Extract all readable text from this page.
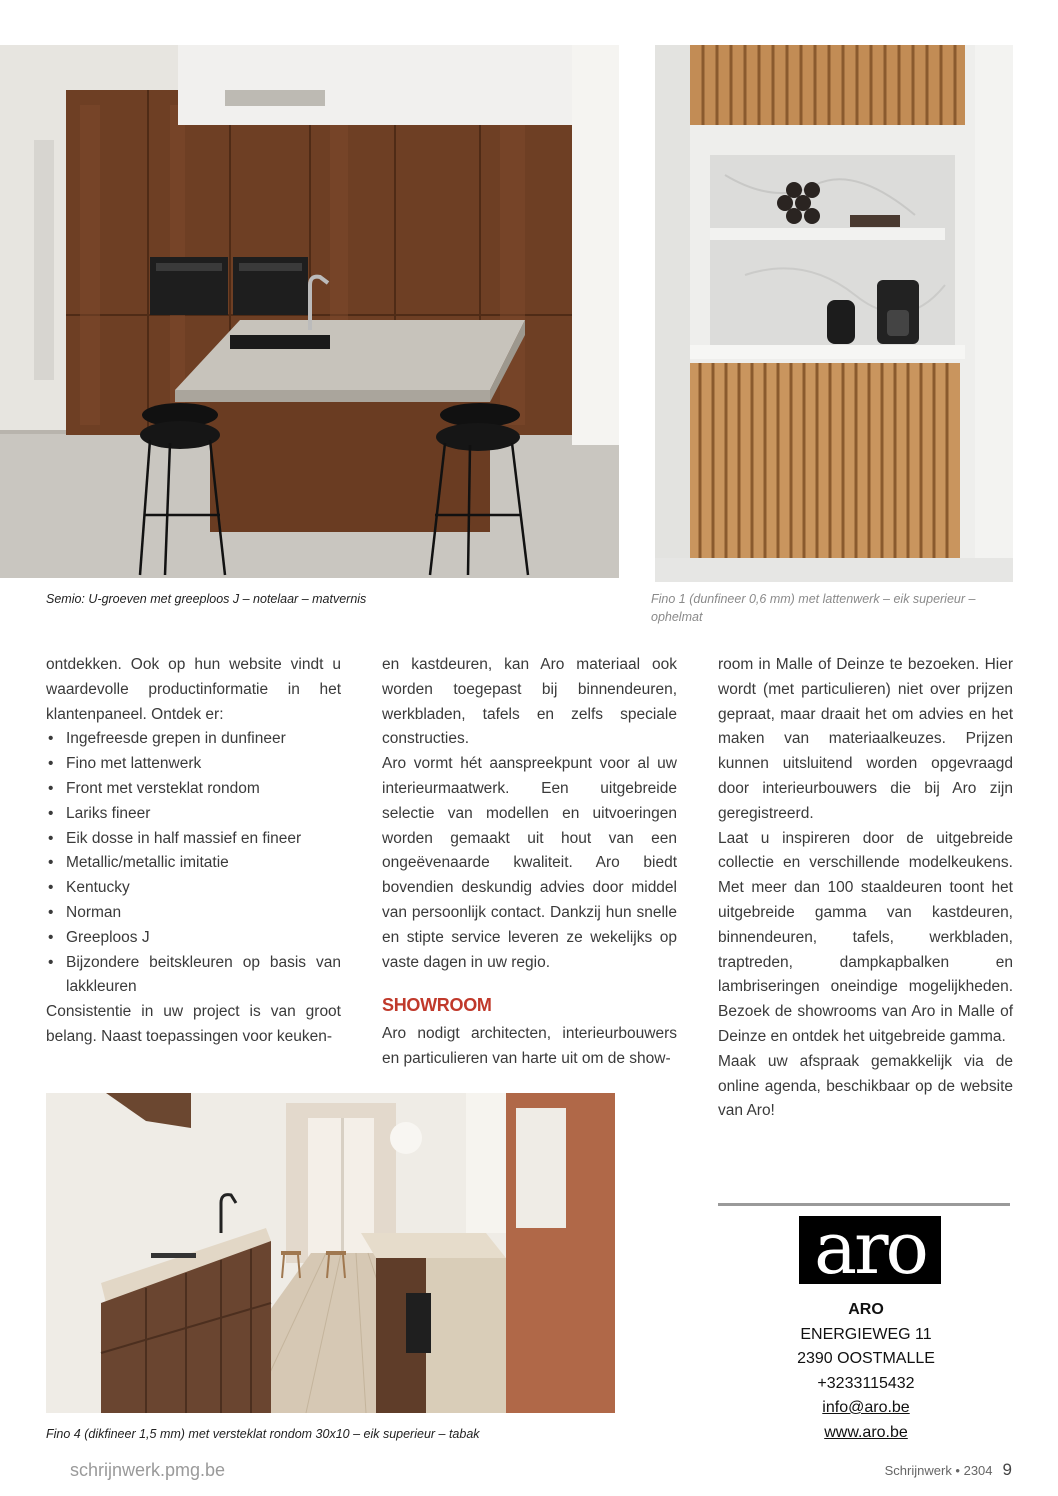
Semio: U-groeven met greeploos J – notelaar – matvernis	Fino 1 (dunfineer 0,6 mm) met lattenwerk – eik superieur – ophelmat

ontdekken. Ook op hun website vindt u waardevolle productinformatie in het klantenpaneel. Ontdek er:

• Ingefreesde grepen in dunfineer
• Fino met lattenwerk
• Front met versteklat rondom
• Lariks fineer
• Eik dosse in half massief en fineer
• Metallic/metallic imitatie
• Kentucky
• Norman
• Greeploos J
• Bijzondere beitskleuren op basis van lakkleuren

Consistentie in uw project is van groot belang. Naast toepassingen voor keuken-

en kastdeuren, kan Aro materiaal ook worden toegepast bij binnendeuren, werkbladen, tafels en zelfs speciale constructies.

Aro vormt hét aanspreekpunt voor al uw interieurmaatwerk. Een uitgebreide selectie van modellen en uitvoeringen worden gemaakt uit hout van een ongeëvenaarde kwaliteit. Aro biedt bovendien deskundig advies door middel van persoonlijk contact. Dankzij hun snelle en stipte service leveren ze wekelijks op vaste dagen in uw regio.

SHOWROOM

Aro nodigt architecten, interieurbouwers en particulieren van harte uit om de show-

room in Malle of Deinze te bezoeken. Hier wordt (met particulieren) niet over prijzen gepraat, maar draait het om advies en het maken van materiaalkeuzes. Prijzen kunnen uitsluitend worden opgevraagd door interieurbouwers die bij Aro zijn geregistreerd.

Laat u inspireren door de uitgebreide collectie en verschillende modelkeukens. Met meer dan 100 staaldeuren toont het uitgebreide gamma van kastdeuren, binnendeuren, tafels, werkbladen, traptreden, dampkapbalken en lambriseringen oneindige mogelijkheden. Bezoek de showrooms van Aro in Malle of Deinze en ontdek het uitgebreide gamma.

Maak uw afspraak gemakkelijk via de online agenda, beschikbaar op de website van Aro!

Fino 4 (dikfineer 1,5 mm) met versteklat rondom 30x10 – eik superieur – tabak
aro
ARO
ENERGIEWEG 11
2390 OOSTMALLE
+3233115432
info@aro.be
www.aro.be
schrijnwerk.pmg.be	Schrijnwerk • 2304 9
